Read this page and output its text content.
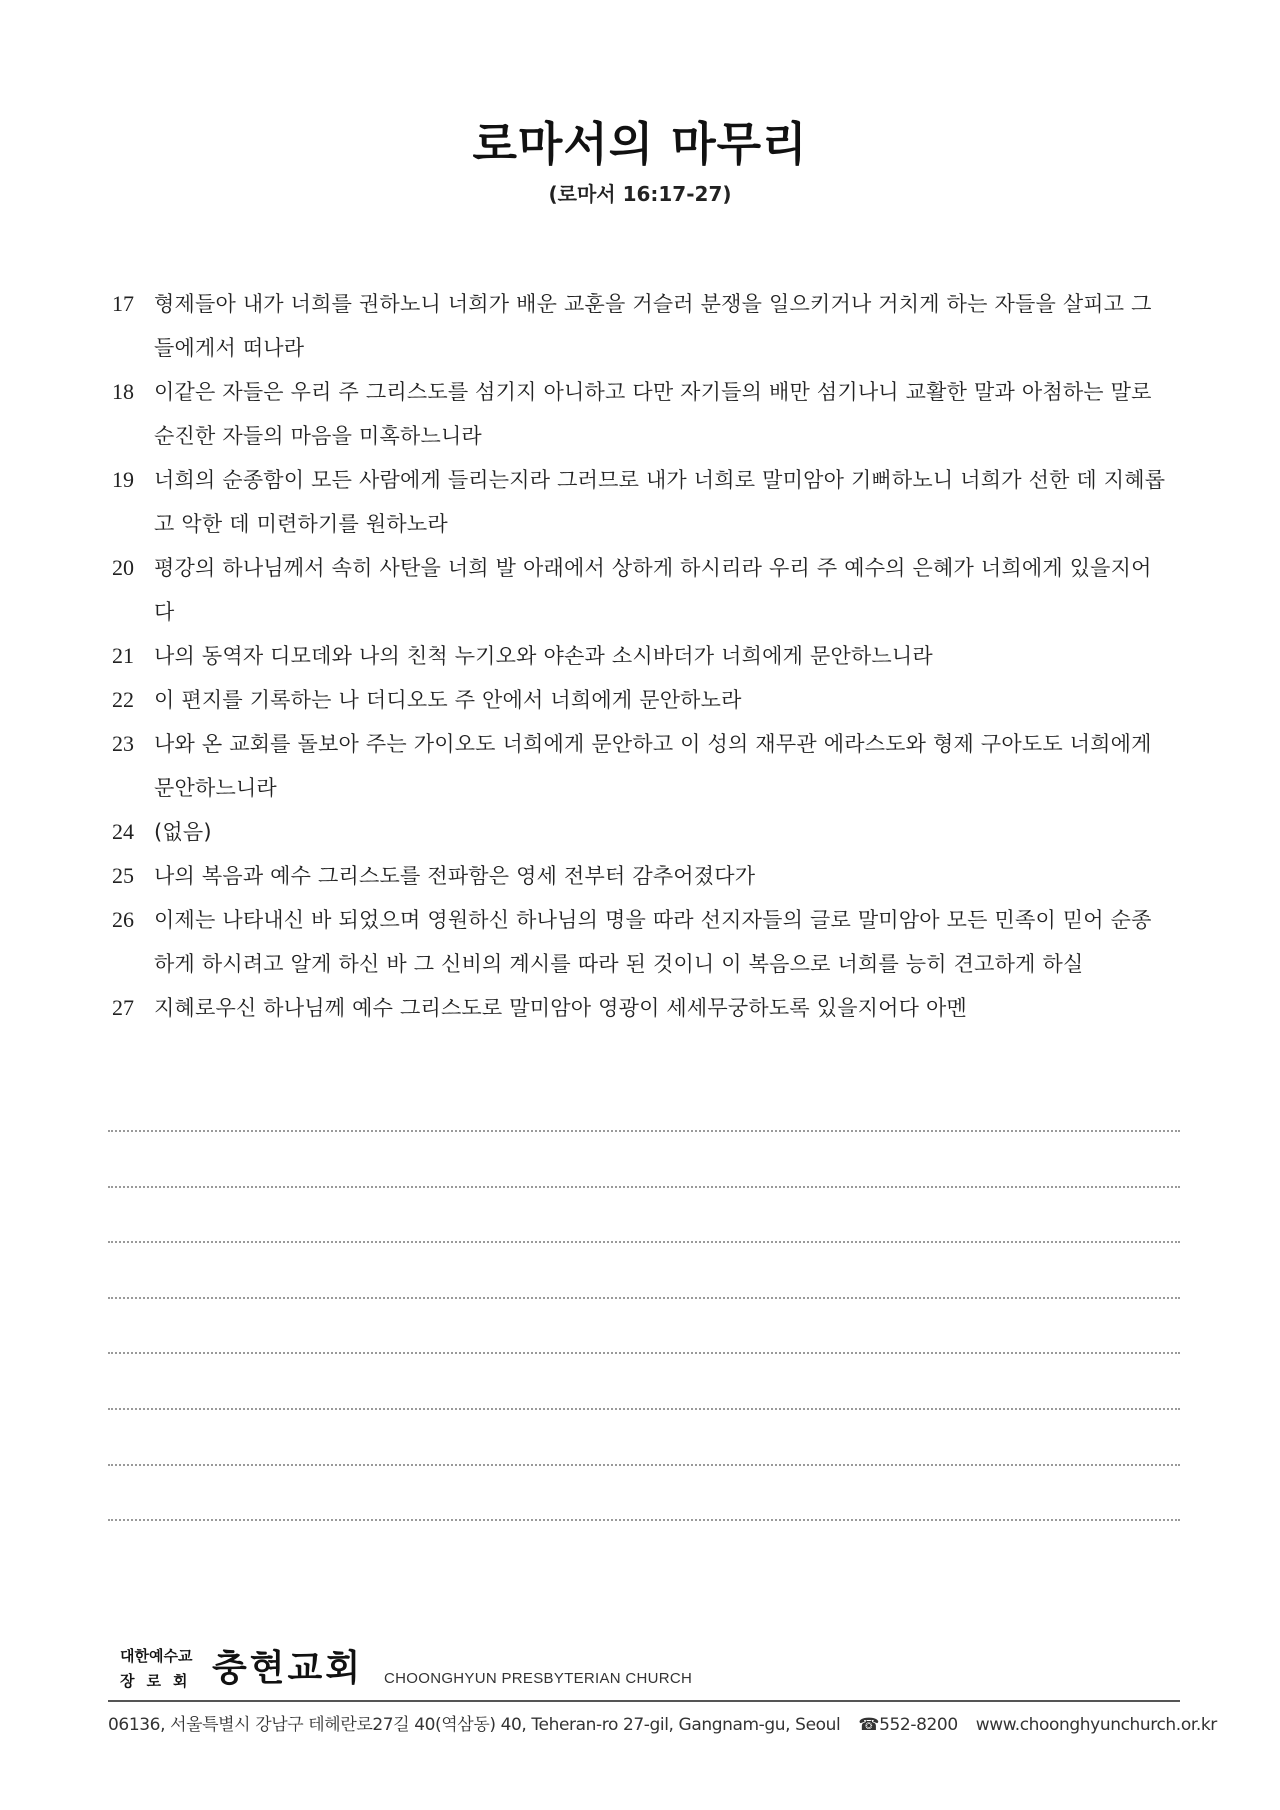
로마서의 마무리
(로마서 16:17-27)
17 형제들아 내가 너희를 권하노니 너희가 배운 교훈을 거슬러 분쟁을 일으키거나 거치게 하는 자들을 살피고 그들에게서 떠나라
18 이같은 자들은 우리 주 그리스도를 섬기지 아니하고 다만 자기들의 배만 섬기나니 교활한 말과 아첨하는 말로 순진한 자들의 마음을 미혹하느니라
19 너희의 순종함이 모든 사람에게 들리는지라 그러므로 내가 너희로 말미암아 기뻐하노니 너희가 선한 데 지혜롭고 악한 데 미련하기를 원하노라
20 평강의 하나님께서 속히 사탄을 너희 발 아래에서 상하게 하시리라 우리 주 예수의 은혜가 너희에게 있을지어다
21 나의 동역자 디모데와 나의 친척 누기오와 야손과 소시바더가 너희에게 문안하느니라
22 이 편지를 기록하는 나 더디오도 주 안에서 너희에게 문안하노라
23 나와 온 교회를 돌보아 주는 가이오도 너희에게 문안하고 이 성의 재무관 에라스도와 형제 구아도도 너희에게 문안하느니라
24 (없음)
25 나의 복음과 예수 그리스도를 전파함은 영세 전부터 감추어졌다가
26 이제는 나타내신 바 되었으며 영원하신 하나님의 명을 따라 선지자들의 글로 말미암아 모든 민족이 믿어 순종하게 하시려고 알게 하신 바 그 신비의 계시를 따라 된 것이니 이 복음으로 너희를 능히 견고하게 하실
27 지혜로우신 하나님께 예수 그리스도로 말미암아 영광이 세세무궁하도록 있을지어다 아멘
대한예수교
장로회 충현교회 CHOONGHYUN PRESBYTERIAN CHURCH
06136, 서울특별시 강남구 테헤란로27길 40(역삼동) 40, Teheran-ro 27-gil, Gangnam-gu, Seoul ☎552-8200 www.choonghyunchurch.or.kr
